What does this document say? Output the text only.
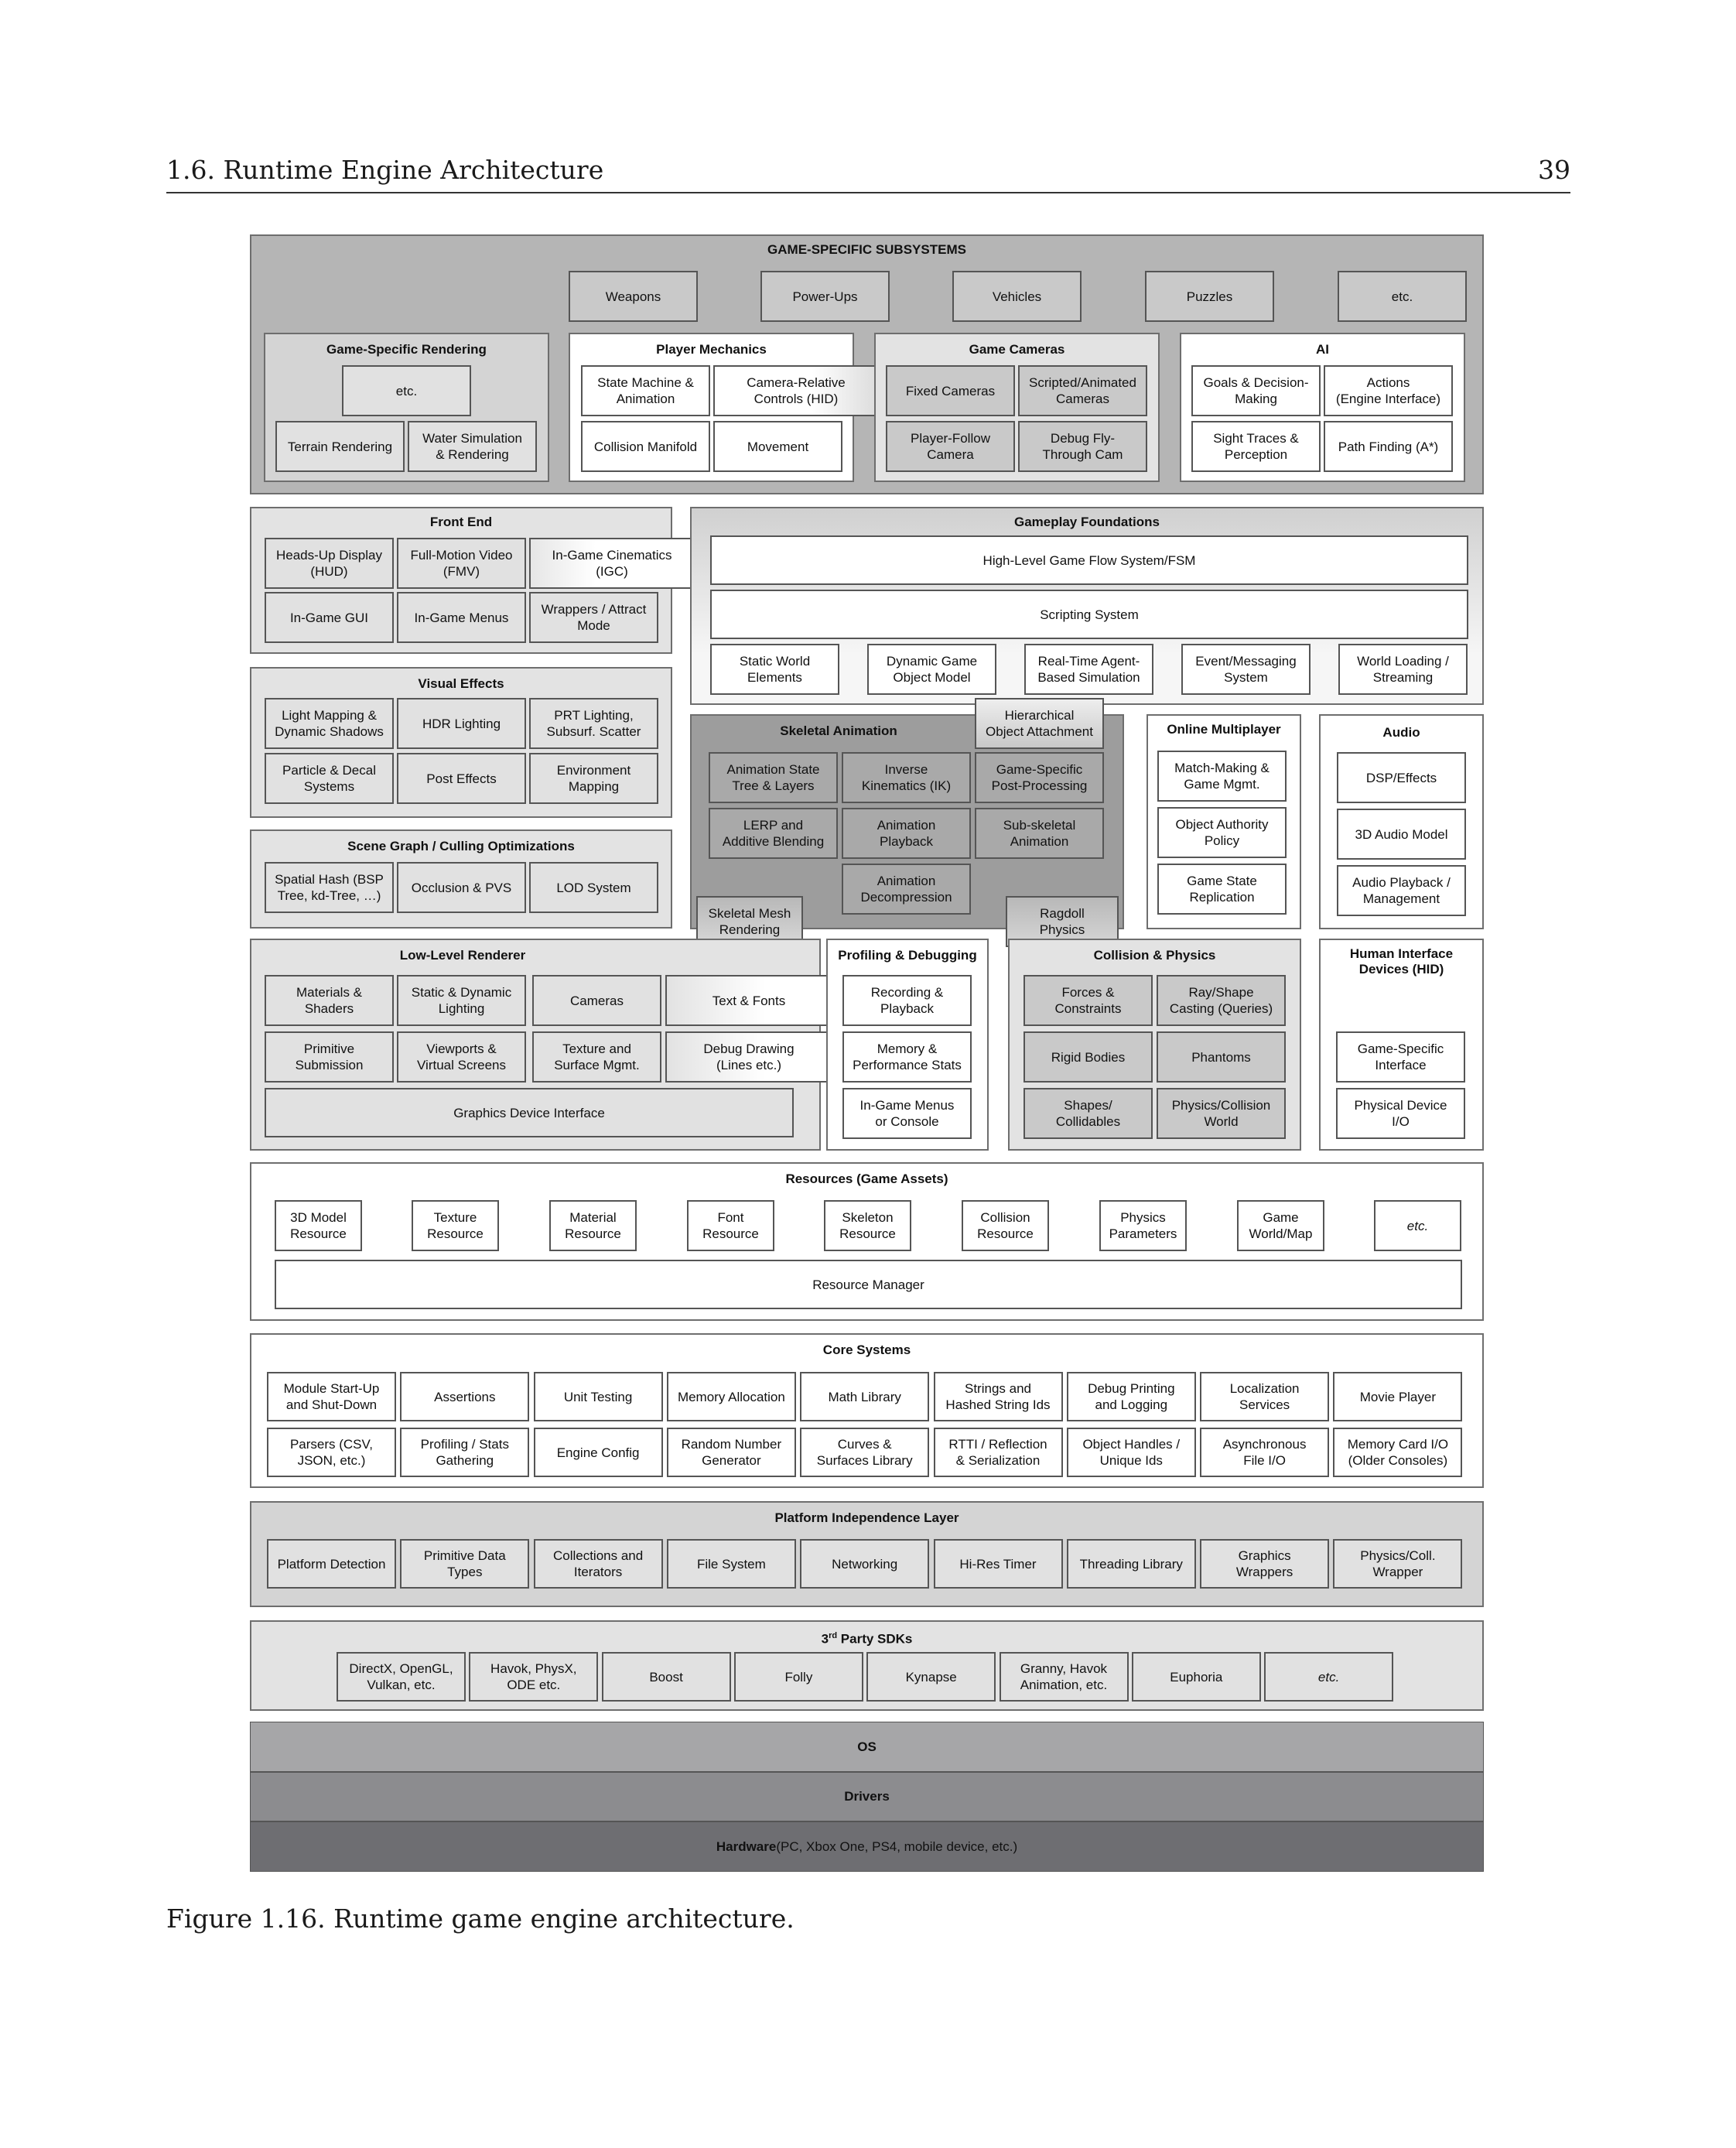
1.6. Runtime Engine Architecture	39
GAME-SPECIFIC SUBSYSTEMS
Weapons	Power-Ups	Vehicles	Puzzles	etc.
Game-Specific Rendering
etc.
Terrain Rendering
Water Simulation
& Rendering
Player Mechanics
State Machine &
Animation
Camera-Relative
Controls (HID)
Collision Manifold	Movement
Game Cameras
Fixed Cameras
Scripted/Animated
Cameras
Player-Follow
Camera
Debug Fly-
Through Cam
AI
Goals & Decision-
Making
Actions
(Engine Interface)
Sight Traces &
Perception
Path Finding (A*)
Front End
Heads-Up Display
(HUD)
Full-Motion Video
(FMV)
In-Game Cinematics
(IGC)
In-Game GUI	In-Game Menus
Wrappers / Attract
Mode
Gameplay Foundations
High-Level Game Flow System/FSM
Scripting System
Static World
Elements
Dynamic Game
Object Model
Real-Time Agent-
Based Simulation
Event/Messaging
System
World Loading /
Streaming
Visual Effects
Light Mapping &
Dynamic Shadows
HDR Lighting
PRT Lighting,
Subsurf. Scatter
Particle & Decal
Systems
Post Effects
Environment
Mapping
Scene Graph / Culling Optimizations
Spatial Hash (BSP
Tree, kd-Tree, …)
Occlusion & PVS	LOD System
Skeletal Animation
Animation State
Tree & Layers
Inverse
Kinematics (IK)
Game-Specific
Post-Processing
LERP and
Additive Blending
Animation
Playback
Sub-skeletal
Animation
Animation
Decompression
Hierarchical
Object Attachment
Skeletal Mesh
Rendering
Ragdoll
Physics
Online Multiplayer
Match-Making &
Game Mgmt.
Object Authority
Policy
Game State
Replication
Audio
DSP/Effects
3D Audio Model
Audio Playback /
Management
Low-Level Renderer
Materials &
Shaders
Static & Dynamic
Lighting
Cameras	Text & Fonts
Primitive
Submission
Viewports &
Virtual Screens
Texture and
Surface Mgmt.
Debug Drawing
(Lines etc.)
Graphics Device Interface
Profiling & Debugging
Recording &
Playback
Memory &
Performance Stats
In-Game Menus
or Console
Collision & Physics
Forces &
Constraints
Ray/Shape
Casting (Queries)
Rigid Bodies	Phantoms
Shapes/
Collidables
Physics/Collision
World
Human Interface
Devices (HID)
Game-Specific
Interface
Physical Device
I/O
Resources (Game Assets)
3D Model
Resource
Texture
Resource
Material
Resource
Font
Resource
Skeleton
Resource
Collision
Resource
Physics
Parameters
Game
World/Map
etc.
Resource Manager
Core Systems
Module Start-Up
and Shut-Down
Assertions	Unit Testing	Memory Allocation	Math Library
Strings and
Hashed String Ids
Debug Printing
and Logging
Localization
Services
Movie Player
Parsers (CSV,
JSON, etc.)
Profiling / Stats
Gathering
Engine Config
Random Number
Generator
Curves &
Surfaces Library
RTTI / Reflection
& Serialization
Object Handles /
Unique Ids
Asynchronous
File I/O
Memory Card I/O
(Older Consoles)
Platform Independence Layer
Platform Detection
Primitive Data
Types
Collections and
Iterators
File System	Networking	Hi-Res Timer	Threading Library
Graphics
Wrappers
Physics/Coll.
Wrapper
3rd Party SDKs
DirectX, OpenGL,
Vulkan, etc.
Havok, PhysX,
ODE etc.
Boost	Folly	Kynapse
Granny, Havok
Animation, etc.
Euphoria	etc.
OS
Drivers
Hardware (PC, Xbox One, PS4, mobile device, etc.)
Figure 1.16. Runtime game engine architecture.
